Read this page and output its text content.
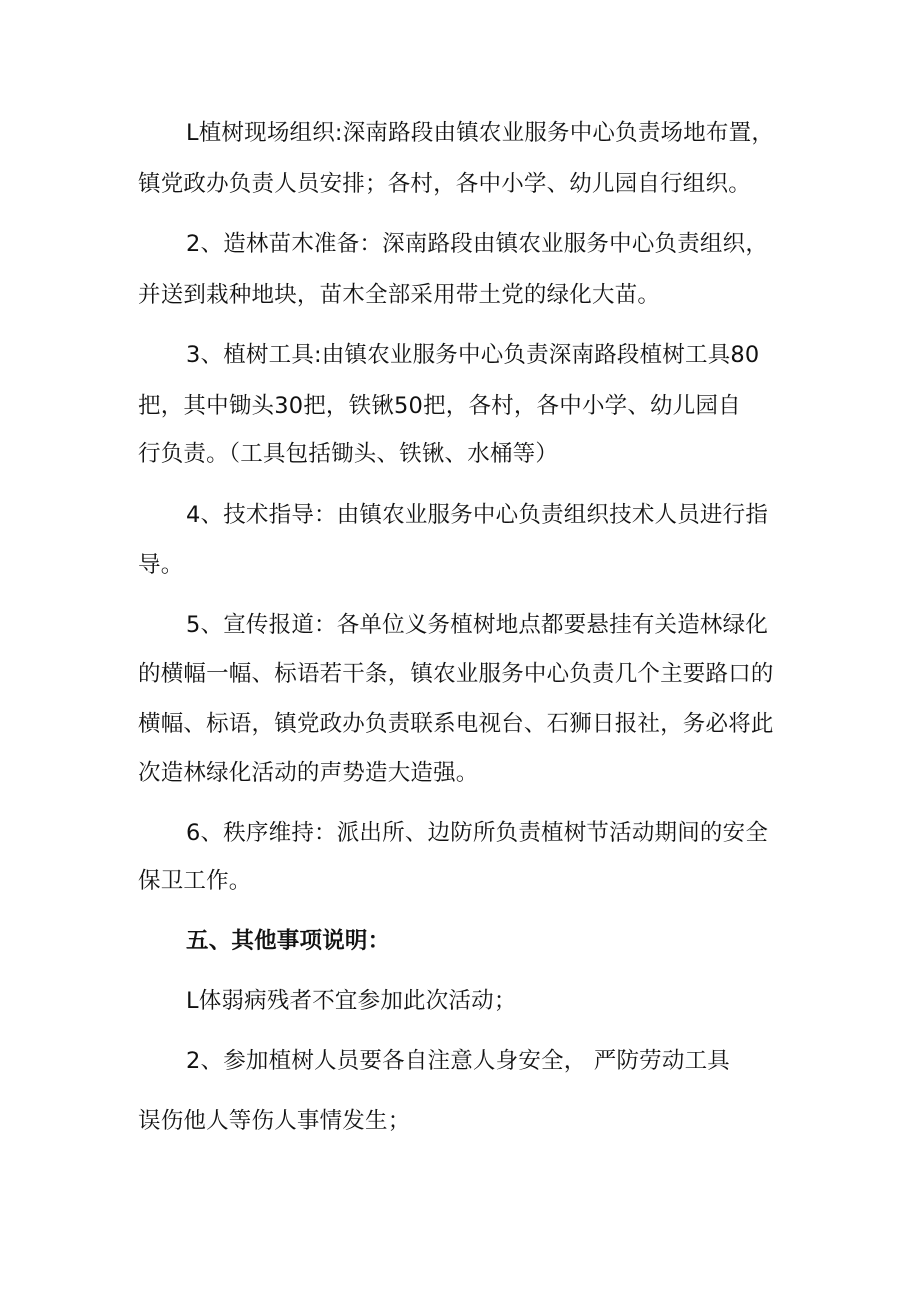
L植树现场组织:深南路段由镇农业服务中心负责场地布置，
镇党政办负责人员安排；各村，各中小学、幼儿园自行组织。
2、造林苗木准备：深南路段由镇农业服务中心负责组织，
并送到栽种地块，苗木全部采用带土党的绿化大苗。
3、植树工具:由镇农业服务中心负责深南路段植树工具80
把，其中锄头30把，铁锹50把，各村，各中小学、幼儿园自
行负责。（工具包括锄头、铁锹、水桶等）
4、技术指导：由镇农业服务中心负责组织技术人员进行指
导。
5、宣传报道：各单位义务植树地点都要悬挂有关造林绿化
的横幅一幅、标语若干条，镇农业服务中心负责几个主要路口的
横幅、标语，镇党政办负责联系电视台、石狮日报社，务必将此
次造林绿化活动的声势造大造强。
6、秩序维持：派出所、边防所负责植树节活动期间的安全
保卫工作。
五、其他事项说明：
L体弱病残者不宜参加此次活动；
2、参加植树人员要各自注意人身安全， 严防劳动工具
误伤他人等伤人事情发生；
